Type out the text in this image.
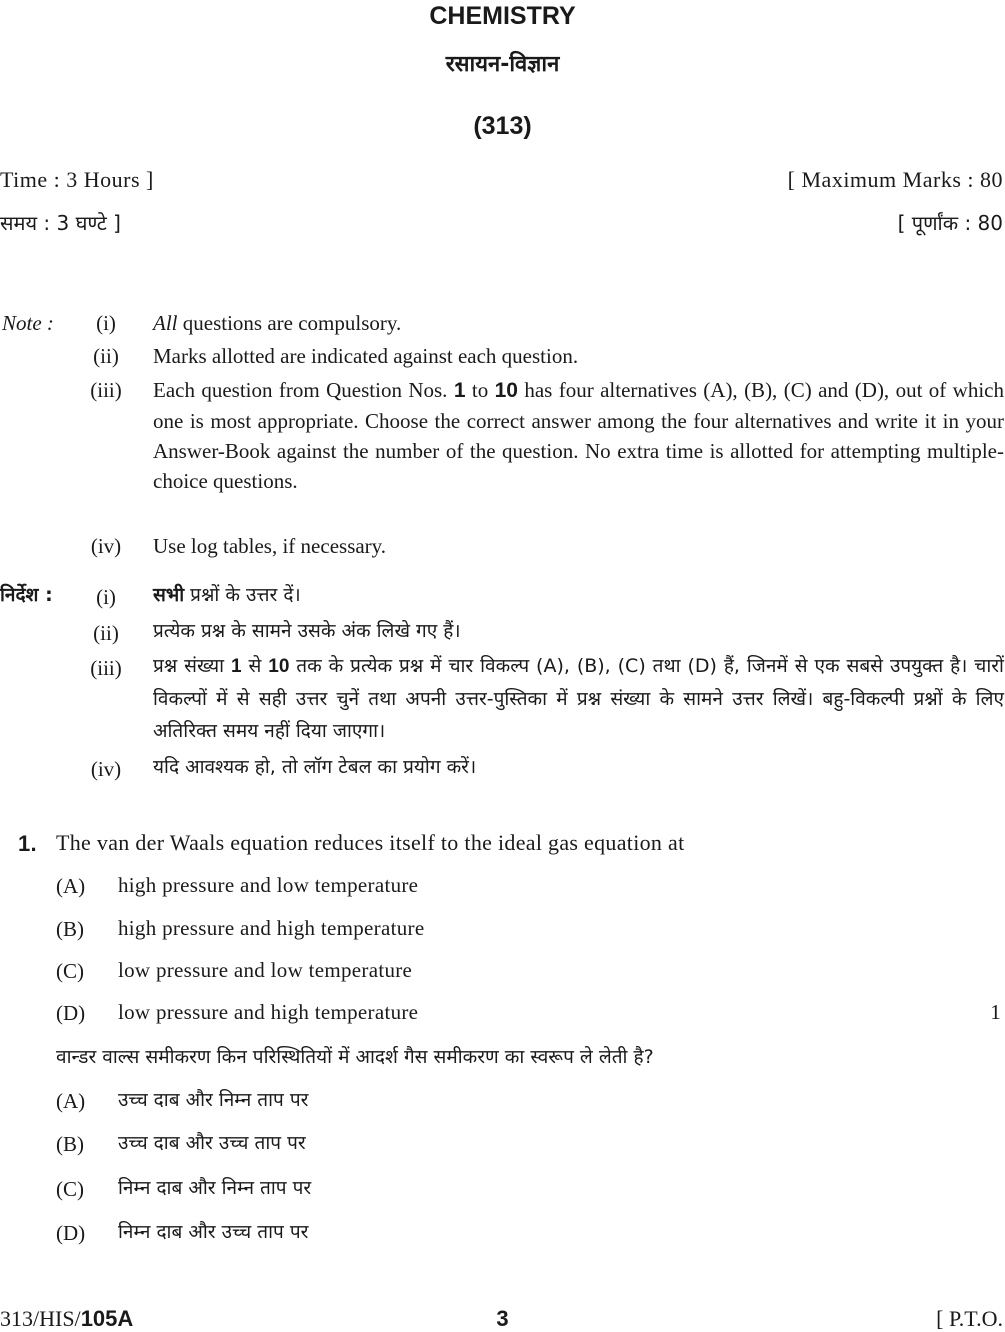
CHEMISTRY
रसायन-विज्ञान
(313)
Time : 3 Hours ]	[ Maximum Marks : 80
समय : 3 घण्टे ]	[ पूर्णांक : 80
Note :	(i)	All questions are compulsory.
(ii)	Marks allotted are indicated against each question.
(iii)	Each question from Question Nos. 1 to 10 has four alternatives (A), (B), (C) and (D), out of which one is most appropriate. Choose the correct answer among the four alternatives and write it in your Answer-Book against the number of the question. No extra time is allotted for attempting multiple-choice questions.
(iv)	Use log tables, if necessary.
निर्देश :	(i)	सभी प्रश्नों के उत्तर दें।
(ii)	प्रत्येक प्रश्न के सामने उसके अंक लिखे गए हैं।
(iii)	प्रश्न संख्या 1 से 10 तक के प्रत्येक प्रश्न में चार विकल्प (A), (B), (C) तथा (D) हैं, जिनमें से एक सबसे उपयुक्त है। चारों विकल्पों में से सही उत्तर चुनें तथा अपनी उत्तर-पुस्तिका में प्रश्न संख्या के सामने उत्तर लिखें। बहु-विकल्पी प्रश्नों के लिए अतिरिक्त समय नहीं दिया जाएगा।
(iv)	यदि आवश्यक हो, तो लॉग टेबल का प्रयोग करें।
1. The van der Waals equation reduces itself to the ideal gas equation at
(A) high pressure and low temperature
(B) high pressure and high temperature
(C) low pressure and low temperature
(D) low pressure and high temperature	1
वान्डर वाल्स समीकरण किन परिस्थितियों में आदर्श गैस समीकरण का स्वरूप ले लेती है?
(A) उच्च दाब और निम्न ताप पर
(B) उच्च दाब और उच्च ताप पर
(C) निम्न दाब और निम्न ताप पर
(D) निम्न दाब और उच्च ताप पर
313/HIS/105A	3	[ P.T.O.
